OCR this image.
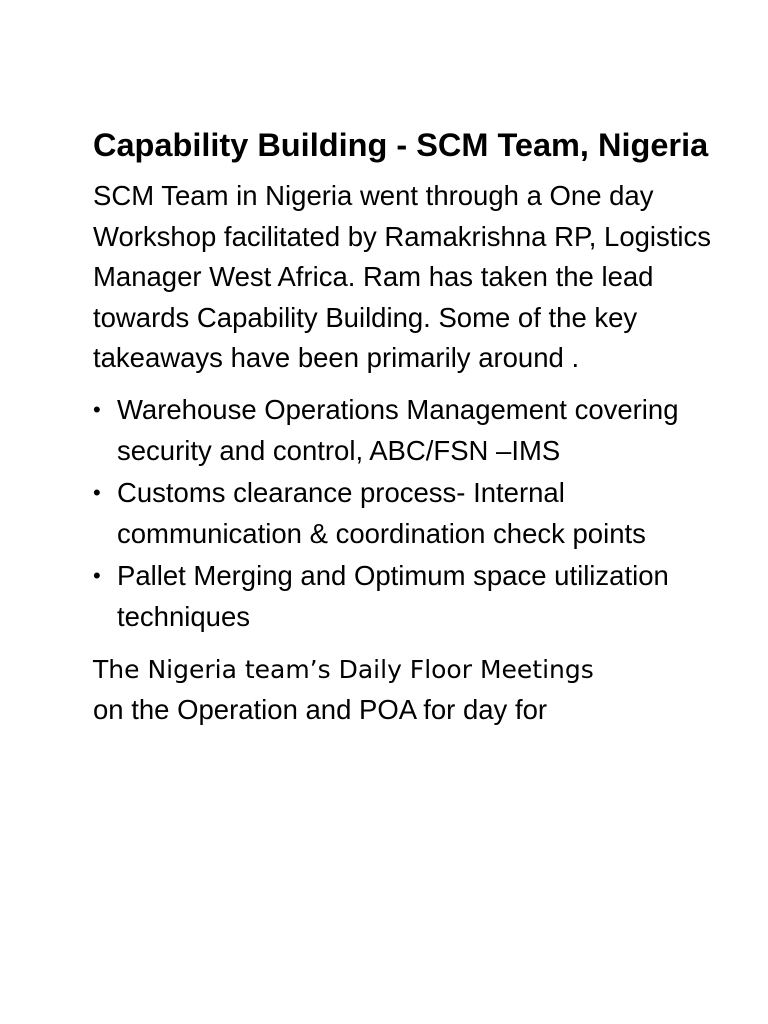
Capability Building - SCM Team, Nigeria

SCM Team in Nigeria went through a One day Workshop facilitated by Ramakrishna RP, Logistics Manager West Africa. Ram has taken the lead towards Capability Building. Some of the key takeaways have been primarily around .

• Warehouse Operations Management covering security and control, ABC/FSN –IMS
• Customs clearance process- Internal communication & coordination check points
• Pallet Merging and Optimum space utilization techniques

The Nigeria team’s Daily Floor Meetings
on the Operation and POA for day for
